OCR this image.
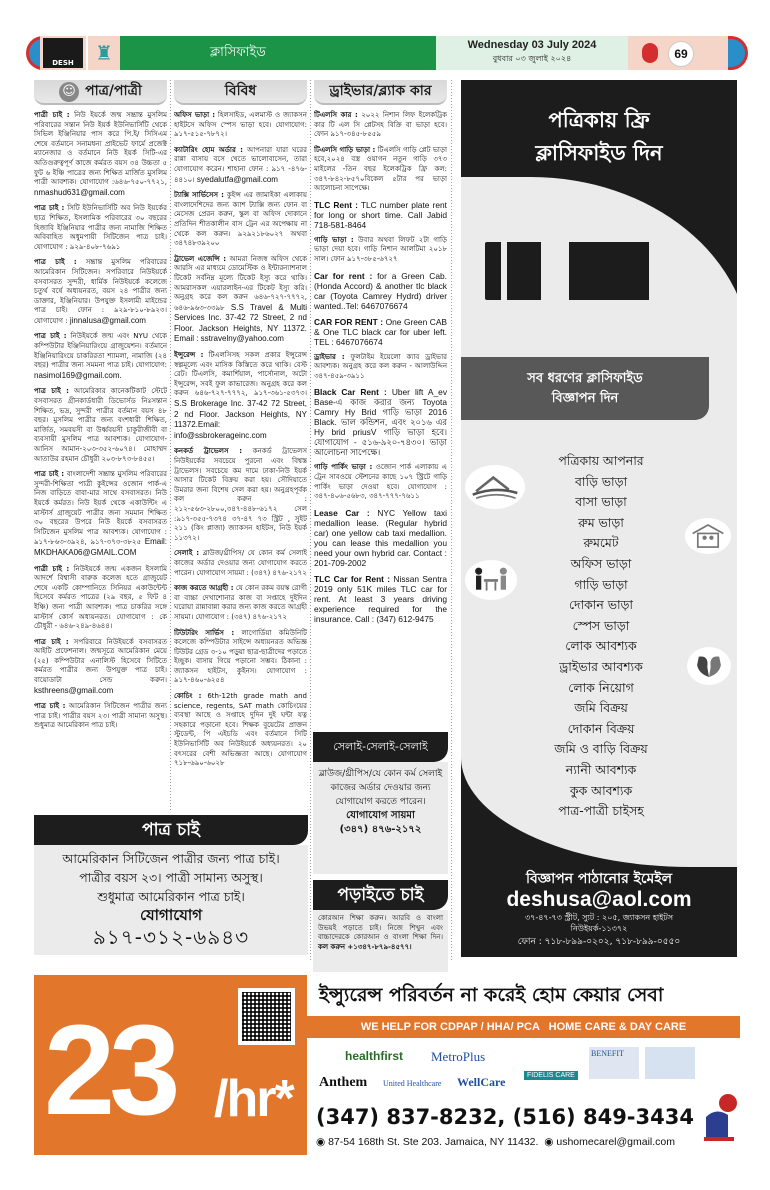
DESH	♜	ক্লাসিফাইড	Wednesday 03 July 2024
বুধবার ০৩ জুলাই ২০২৪	69
☺ পাত্র/পাত্রী
পাত্রী চাই : নিউ ইয়র্কে জন্ম সম্ভ্রান্ত মুসলিম পরিবারের সন্তান নিউ ইয়র্ক ইউনিভার্সিটি থেকে সিভিল ইঞ্জিনিয়ার পাস করে পি.ই/ সিসিএম শেষে বর্তমানে সনামধন্য প্রাইভেট ফার্মে প্রজেক্ট ম্যানেজার ও বর্তমানে নিউ ইয়র্ক সিটি-এর অতিগুরুত্বপূর্ণ কাজে কর্মরত বয়স ৩৪ উচ্চতা ৫ ফুট ৬ ইঞ্চি পাত্রের জন্য শিক্ষিত মার্জিত মুসলিম পাত্রী আবশ্যক। যোগাযোগ :৬৪৬-৭৫০-৭৭২১, nmashud631@gmail.com
পাত্র চাই : সিটি ইউনিভার্সিটি অব নিউ ইয়র্কের ছাত্র শিক্ষিত, ইসলামিক পরিবারের ৩০ বছরের হিজাবি ইঞ্জিনিয়ার পাত্রীর জন্য নামাজি শিক্ষিত অবিবাহিত অধুমপায়ী সিটিজেন পাত্র চাই। যোগাযোগ : ৯২৯-৪০৮-৭৬৯১
পাত্র চাই : সম্ভ্রান্ত মুসলিম পরিবারের আমেরিকান সিটিজেন। সপরিবারে নিউইয়র্কে বসবাসরত সুন্দরী, ধার্মিক নিউইয়র্কে কলেজে চতুর্থ বর্ষে অধ্যয়নরত, বয়স ২৪ পাত্রীর জন্য ডাক্তার, ইঞ্জিনিয়ার। উপযুক্ত ইসলামী মাইন্ডের পাত্র চাই। ফোন : ৯২৯-৮১০-৮৯২৩। যোগাযোগ : jinnalusa@gmail.com
পাত্র চাই : নিউইয়র্কে জন্ম এবং NYU থেকে কম্পিউটার ইঞ্জিনিয়ারিংয়ে গ্রাজুয়েশন। বর্তমানে ইঞ্জিনিয়ারিংয়ে চাকরিরতা শ্যামলা, নামাজি (২৪ বছর) পাত্রীর জন্য সমমনা পাত্র চাই। যোগাযোগ: nasimol169@gmail.com.
পাত্র চাই : আমেরিকার কানেকটিকাট স্টেটে বসবাসরত গ্রীনকার্ডধারী ডিভোর্সড নিঃসন্তান শিক্ষিত, ভদ্র, সুন্দরী পাত্রীর বর্তমান বয়স ৪৮ বছর। মুসলিম পাত্রীর জন্য বংশধারী শিক্ষিত, মার্জিত, সমবয়সী বা উর্ধ্ববয়সী চাকুরীজীবী বা ব্যবসায়ী মুসলিম পাত্র আবশ্যক। যোগাযোগ- আনিস আমান-২০৩-৩৫২-৬০৭৪। মোহাম্মদ আতাউর রহমান চৌধুরী ২০৩-৮৭৩-৮৪৫৫।
পাত্র চাই : বাংলাদেশী সম্ভ্রান্ত মুসলিম পরিবারের সুন্দরী-শিক্ষিতা পাত্রী কুইন্সের ওজোন পার্ক-এ নিজ বাড়িতে বাবা-মার সাথে বসবাসরত। নিউ ইয়র্কে কর্মরত। নিউ ইয়র্ক থেকে একাউন্টিং এ মাস্টার্স গ্রাজুয়েট পাত্রীর জন্য সমমান শিক্ষিত ৩০ বছরের উপরে নিউ ইয়র্কে বসবাসরত সিটিজেন মুসলিম পাত্র আবশ্যক। যোগাযোগ : ৯১৭-৮৬৩-৩৯২৪, ৯১৭-৩৭৩-৩৮২৫ Email: MKDHAKA06@GMAIL.COM
পাত্রী চাই : নিউইয়র্কে জন্ম একজন ইসলামি আদর্শে বিশ্বাসী বারুক কলেজ হতে গ্রাজুয়েট শেষে একটি কোম্পানিতে সিনিয়র একাউন্টেন্ট হিসেবে কর্মরত পাত্রের (২৯ বছর, ৫ ফিট ৪ ইঞ্চি) জন্য পাত্রী আবশ্যক। পাত্র চাকরির সঙ্গে মাস্টার্স কোর্স অধ্যয়নরত। যোগাযোগ : কে চৌধুরী - ৬৪৬-২৪৯-৪৬৪৪।
পাত্র চাই : সপরিবারে নিউইয়র্কে বসবাসরত আইটি প্রফেশনাল। জন্মসূত্রে আমেরিকান মেয়ে (২৫) কম্পিউটার এনালিস্ট হিসেবে সিটিতে কর্মরত পাত্রীর জন্য উপযুক্ত পাত্র চাই। বায়োডাটা সেন্ড করুন। ksthreens@gmail.com
পাত্র চাই : আমেরিকান সিটিজেন পাত্রীর জন্য পাত্র চাই। পাত্রীর বয়স ২৩। পাত্রী সামান্য অসুস্থ। শুধুমাত্র আমেরিকান পাত্র চাই।
বিবিধ
অফিস ভাড়া : হিলসাইড, এলমাস্ট ও জ্যাকসন হাইটসে অফিস স্পেস ভাড়া হবে। যোগাযোগ: ৯১৭-৫১৫-৭৮৭২।
ক্যাটারিং হোম অর্ডার : আপনারা যারা ঘরের রান্না বাসায় বসে খেতে ভালোবাসেন, তারা যোগাযোগ করেন। শাহানা ফোন : ৯১৭ -৪৭৬- ৪৪১০। syedalutfa@gmail.com
ট্যাক্সি সার্ভিসেস : কুইন্স এর জামাইকা এলাকায় বাংলাদেশিদের জন্য ক্যাশ ট্যাক্সি জন্য ফোন বা মেসেজ প্রেরন করুন, স্কুল বা অফিস দোকানে প্রতিদিন শীতকালীন বাস ট্রেন এর অপেক্ষায় না থেকে কল করুন। ৯২৯২১৮৬০২৭ অথবা ৩৪৭৪৮৩৯২০০
ট্রাভেল এজেন্সি : আমরা নিজস্ব অফিস থেকে আরসি এর মাধ্যমে ডোমেস্টিক ও ইন্টারন্যাশনাল টিকেট সর্বনিম্ন মূল্যে টিকেট ইস্যু করে থাকি। আমরাসকল এয়ারলাইন-এর টিকেট ইস্যু করি। অনুগ্রহ করে কল করুন ৬৪৬-৭২৭-৭৭৭২, ৬৪৬-৯৬৩-৩৩৯৮ S.S Travel & Multi Services Inc. 37-42 72 Street, 2 nd Floor. Jackson Heights, NY 11372. Email : sstravelny@yahoo.com
ইন্সুরেন্স : টিএলসিসহ সকল প্রকার ইন্সুরেন্স স্বল্পমূল্যে এবং মাসিক কিস্তিতে করে থাকি। বেস্ট রেট। টিএলসি, কমার্শিয়াল, পার্সোনাল, অটো ইন্সুরেন্স, সবই ফুল কাভারেজ। অনুগ্রহ করে কল করুন ৬৪৬-৭২৭-৭৭৭২, ৯১৭-৩৬১-৫৩৭৩। S.S Brokerage Inc. 37-42 72 Street, 2 nd Floor. Jackson Heights, NY 11372.Email: info@ssbrokerageinc.com
কনকর্ড ট্রাভেলস : কনকর্ড ট্রাভেলস নিউইয়র্কের সবচেয়ে পুরনো এবং বিশ্বস্ত ট্রাভেলস। সবচেয়ে কম দামে ঢাকা-নিউ ইয়র্ক আসার টিকেট বিক্রয় করা হয়। সৌদিয়াতে উমরার জন্য বিশেষ সেল করা হয়। অনুগ্রহপূর্বক কল করুন : ২১২-৫৬৩-২৮০০,৩৪৭-৪৪৮-৬১৭২ সেল :৯১৭-৩৫৫-৭৩৭৪ ৩৭-৪৭ ৭৩ স্ট্রিট , সুইট ২১১ (কিং প্লাজা) জ্যাকসন হাইটস, নিউ ইয়র্ক ১১৩৭২।
সেলাই : ব্লাউজ/থ্রীপিস/ যে কোন কর্ম সেলাই কাজের অর্ডার দেওয়ার জন্য যোগাযোগ করতে পারেন। যোগাযোগ সায়মা : (৩৪৭) ৪৭৬-২১৭২
কাজ করতে আগ্রহী : যে কোন রকম বয়স্ক রোগী বা বাচ্চা দেখাশোনার কাজ বা সপ্তাহে দুইদিন ঘরোয়া রান্নাবান্না করার জন্য কাজ করতে আগ্রহী সায়মা। যোগাযোগ : (৩৪৭) ৪৭৬-২১৭২
টিউটরিং সার্ভিস : লাগোর্ডিয়া কমিউনিটি কলেজে কম্পিউটার সাইন্সে অধ্যয়নরত অভিজ্ঞ টিউটর গ্রেড ৩-১০ পড়ুয়া ছাত্র-ছাত্রীদের পড়াতে ইচ্ছুক। বাসায় গিয়ে পড়ানো সম্ভব। ঠিকানা : জ্যাকসন হাইটস, কুইনস। যোগাযোগ : ৯১৭-৪৬০-৬২৫৪
কোচিং : 6th-12th grade math and science, regents, SAT math কোচিংয়ের ব্যবস্থা আছে ও সপ্তাহে দুদিন দুই ঘন্টা যত্ন সহকারে পড়ানো হবে। শিক্ষক বুয়েটের প্রাক্তন স্টুডেন্ট, পি এইচডি এবং বর্তমানে সিটি ইউনিভার্সিটি অব নিউইয়র্কে অধ্যয়নরত। ২০ বৎসরের বেশী অভিজ্ঞতা আছে। যোগাযোগ ৭১৮-৬৯০-৬০২৮
ড্রাইভার/ব্ল্যাক কার
টিএলসি কার : ২০২২ নিশান লিফ ইলেকট্রিক কার টি এল সি প্লেটসহ বিক্রি বা ভাড়া হবে। ফোন ৯১৭-৩৪৫-৮৫৫৯
টিএলসি গাড়ি ভাড়া : টিএলসি গাড়ি প্লেট ভাড়া হবে,২০২৪ বস্ত্র ওয়াগন নতুন গাড়ি ৩৭৩ মাইলের -তিন বছর ইলেকট্রিক ফ্রি কল: ৩৪৭-৮৪২-৮৫৭০বিকেল ৫টার পর ভাড়া আলোচনা সাপেক্ষে।
TLC Rent : TLC number plate rent for long or short time. Call Jabid 718-581-8464
গাড়ি ভাড়া : উবার অথবা লিফট ২টা গাড়ি ভাড়া দেয়া হবে। গাড়ি নিশান আলটিমা ২০১৮ সাল। ফোন ৯১৭-৩৮৫-৬৭২৭
Car for rent : for a Green Cab. (Honda Accord) & another tlc black car (Toyota Camrey Hydrd) driver wanted..Tel: 6467076674
CAR FOR RENT : One Green CAB & One TLC black car for uber left. TEL : 6467076674
ড্রাইভার : ফুলটাইম ইয়েলো ক্যাব ড্রাইভার আবশ্যক। অনুগ্রহ করে কল করুন - আলাউদ্দিন ৩৪৭-৪৫৯-৩৯১১
Black Car Rent : Uber lift A_ev Base-এ কাজ করার জন্য Toyota Camry Hy Brid গাড়ি ভাড়া 2016 Black. ভাল কন্ডিশন, এবং ২০১৬ এর Hy brid priusV গাড়ি ভাড়া হবে। যোগাযোগ - ৫১৬-৯২০-৭৪৩০। ভাড়া আলোচনা সাপেক্ষে।
গাড়ি পার্কিং ভাড়া : ওজোন পার্ক এলাকায় এ ট্রেন সাবওয়ে স্টেশনের কাছে ১০৭ স্ট্রিটে গাড়ি পার্কিং ভাড়া দেওয়া হবে। যোগাযোগ : ৩৪৭-৪০৬-৫৬৮৩, ৩৪৭-৭৭৭-৭৬১১
Lease Car : NYC Yellow taxi medallion lease. (Regular hybrid car) one yellow cab taxi medallion. you can lease this medallion you need your own hybrid car. Contact : 201-709-2002
TLC Car for Rent : Nissan Sentra 2019 only 51K miles TLC car for rent. At least 3 years driving experience required for the insurance. Call : (347) 612-9475
পাত্র চাই
আমেরিকান সিটিজেন পাত্রীর জন্য পাত্র চাই।
পাত্রীর বয়স ২৩। পাত্রী সামান্য অসুস্থ।
শুধুমাত্র আমেরিকান পাত্র চাই।
যোগাযোগ
৯১৭-৩১২-৬৯৪৩
সেলাই-সেলাই-সেলাই
ব্লাউজ/থ্রীপিস/যে কোন কর্ম সেলাই কাজের অর্ডার দেওয়ার জন্য যোগাযোগ করতে পারেন।
যোগাযোগ সায়মা
(৩৪৭) ৪৭৬-২১৭২
পড়াইতে চাই
কোরআন শিক্ষা করুন। আরবি ও বাংলা উভয়ই পড়াতে চাই। নিজে শিখুন এবং বাচ্চাদেরকে কোরআন ও বাংলা শিক্ষা দিন। কল করুন +১৩৪৭-৮৭৯-৪৫৭৭।
পত্রিকায় ফ্রি
ক্লাসিফাইড দিন
DESH
সব ধরণের ক্লাসিফাইড
বিজ্ঞাপন দিন
পত্রিকায় আপনার
বাড়ি ভাড়া
বাসা ভাড়া
রুম ভাড়া
রুমমেট
অফিস ভাড়া
গাড়ি ভাড়া
দোকান ভাড়া
স্পেস ভাড়া
লোক আবশ্যক
ড্রাইভার আবশ্যক
লোক নিয়োগ
জমি বিক্রয়
দোকান বিক্রয়
জমি ও বাড়ি বিক্রয়
ন্যানী আবশ্যক
কুক আবশ্যক
পাত্র-পাত্রী চাইসহ
বিজ্ঞাপন পাঠানোর ইমেইল
deshusa@aol.com
৩৭-৪৭-৭৩ স্ট্রীট, স্যুট : ২০৫, জ্যাকসন হাইটস
নিউইয়র্ক-১১৩৭২
ফোন : ৭১৮-৮৯৯-০২০২, ৭১৮-৮৯৯-০৫৫০
23 /hr*
ইন্স্যুরেন্স পরিবর্তন না করেই হোম কেয়ার সেবা
WE HELP FOR CDPAP / HHA/ PCA   HOME CARE & DAY CARE
healthfirst MetroPlus
Anthem United Healthcare WellCare	FIDELIS CARE
BENEFIT
(347) 837-8232, (516) 849-3434
◉ 87-54 168th St. Ste 203. Jamaica, NY 11432. ◉ ushomecarel@gmail.com
